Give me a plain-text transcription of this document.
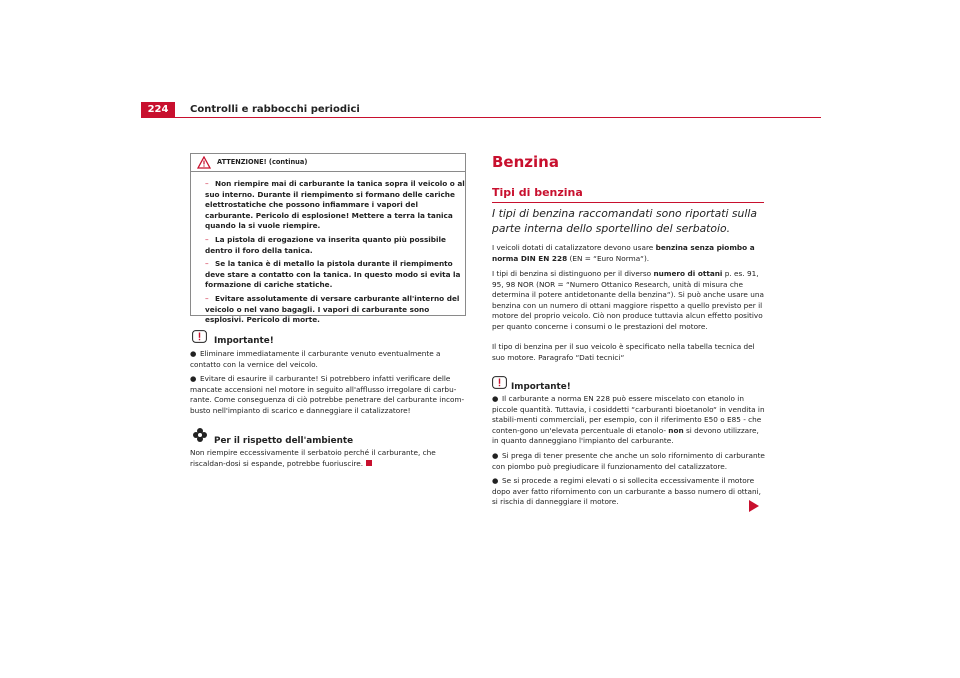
224	Controlli e rabbocchi periodici
ATTENZIONE! (continua)
– Non riempire mai di carburante la tanica sopra il veicolo o al suo interno. Durante il riempimento si formano delle cariche elettrostatiche che possono infiammare i vapori del carburante. Pericolo di esplosione! Mettere a terra la tanica quando la si vuole riempire.
– La pistola di erogazione va inserita quanto più possibile dentro il foro della tanica.
– Se la tanica è di metallo la pistola durante il riempimento deve stare a contatto con la tanica. In questo modo si evita la formazione di cariche statiche.
– Evitare assolutamente di versare carburante all'interno del veicolo o nel vano bagagli. I vapori di carburante sono esplosivi. Pericolo di morte.
Importante!
● Eliminare immediatamente il carburante venuto eventualmente a contatto con la vernice del veicolo.
● Evitare di esaurire il carburante! Si potrebbero infatti verificare delle mancate accensioni nel motore in seguito all'afflusso irregolare di carbu-rante. Come conseguenza di ciò potrebbe penetrare del carburante incom-busto nell'impianto di scarico e danneggiare il catalizzatore!
Per il rispetto dell'ambiente
Non riempire eccessivamente il serbatoio perché il carburante, che riscaldan-dosi si espande, potrebbe fuoriuscire.
Benzina
Tipi di benzina
I tipi di benzina raccomandati sono riportati sulla parte interna dello sportellino del serbatoio.
I veicoli dotati di catalizzatore devono usare benzina senza piombo a norma DIN EN 228 (EN = “Euro Norma“).
I tipi di benzina si distinguono per il diverso numero di ottani p. es. 91, 95, 98 NOR (NOR = “Numero Ottanico Research, unità di misura che determina il potere antidetonante della benzina“). Si può anche usare una benzina con un numero di ottani maggiore rispetto a quello previsto per il motore del proprio veicolo. Ciò non produce tuttavia alcun effetto positivo per quanto concerne i consumi o le prestazioni del motore.
Il tipo di benzina per il suo veicolo è specificato nella tabella tecnica del suo motore. Paragrafo “Dati tecnici“
Importante!
● Il carburante a norma EN 228 può essere miscelato con etanolo in piccole quantità. Tuttavia, i cosiddetti “carburanti bioetanolo“ in vendita in stabili-menti commerciali, per esempio, con il riferimento E50 o E85 - che conten-gono un'elevata percentuale di etanolo- non si devono utilizzare, in quanto danneggiano l'impianto del carburante.
● Si prega di tener presente che anche un solo rifornimento di carburante con piombo può pregiudicare il funzionamento del catalizzatore.
● Se si procede a regimi elevati o si sollecita eccessivamente il motore dopo aver fatto rifornimento con un carburante a basso numero di ottani, si rischia di danneggiare il motore.
